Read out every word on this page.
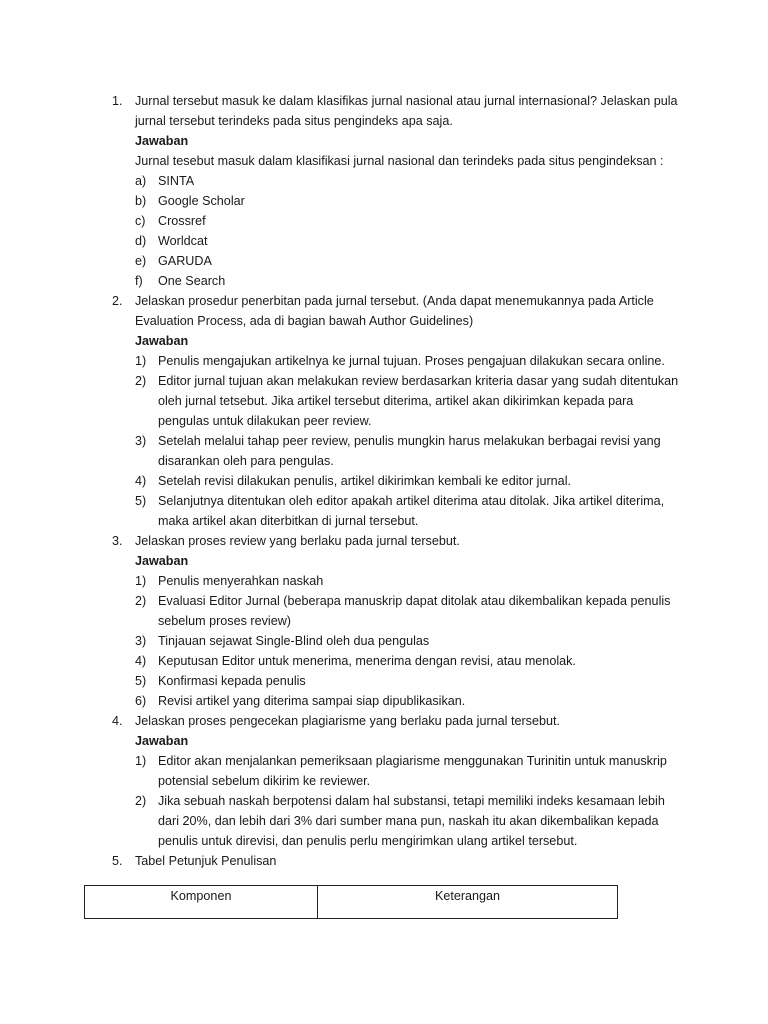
1. Jurnal tersebut masuk ke dalam klasifikas jurnal nasional atau jurnal internasional? Jelaskan pula jurnal tersebut terindeks pada situs pengindeks apa saja.
Jawaban
Jurnal tesebut masuk dalam klasifikasi jurnal nasional dan terindeks pada situs pengindeksan :
a) SINTA
b) Google Scholar
c) Crossref
d) Worldcat
e) GARUDA
f) One Search
2. Jelaskan prosedur penerbitan pada jurnal tersebut. (Anda dapat menemukannya pada Article Evaluation Process, ada di bagian bawah Author Guidelines)
Jawaban
1) Penulis mengajukan artikelnya ke jurnal tujuan. Proses pengajuan dilakukan secara online.
2) Editor jurnal tujuan akan melakukan review berdasarkan kriteria dasar yang sudah ditentukan oleh jurnal tetsebut. Jika artikel tersebut diterima, artikel akan dikirimkan kepada para pengulas untuk dilakukan peer review.
3) Setelah melalui tahap peer review, penulis mungkin harus melakukan berbagai revisi yang disarankan oleh para pengulas.
4) Setelah revisi dilakukan penulis, artikel dikirimkan kembali ke editor jurnal.
5) Selanjutnya ditentukan oleh editor apakah artikel diterima atau ditolak. Jika artikel diterima, maka artikel akan diterbitkan di jurnal tersebut.
3. Jelaskan proses review yang berlaku pada jurnal tersebut.
Jawaban
1) Penulis menyerahkan naskah
2) Evaluasi Editor Jurnal (beberapa manuskrip dapat ditolak atau dikembalikan kepada penulis sebelum proses review)
3) Tinjauan sejawat Single-Blind oleh dua pengulas
4) Keputusan Editor untuk menerima, menerima dengan revisi, atau menolak.
5) Konfirmasi kepada penulis
6) Revisi artikel yang diterima sampai siap dipublikasikan.
4. Jelaskan proses pengecekan plagiarisme yang berlaku pada jurnal tersebut.
Jawaban
1) Editor akan menjalankan pemeriksaan plagiarisme menggunakan Turinitin untuk manuskrip potensial sebelum dikirim ke reviewer.
2) Jika sebuah naskah berpotensi dalam hal substansi, tetapi memiliki indeks kesamaan lebih dari 20%, dan lebih dari 3% dari sumber mana pun, naskah itu akan dikembalikan kepada penulis untuk direvisi, dan penulis perlu mengirimkan ulang artikel tersebut.
5. Tabel Petunjuk Penulisan
Komponen	Keterangan
